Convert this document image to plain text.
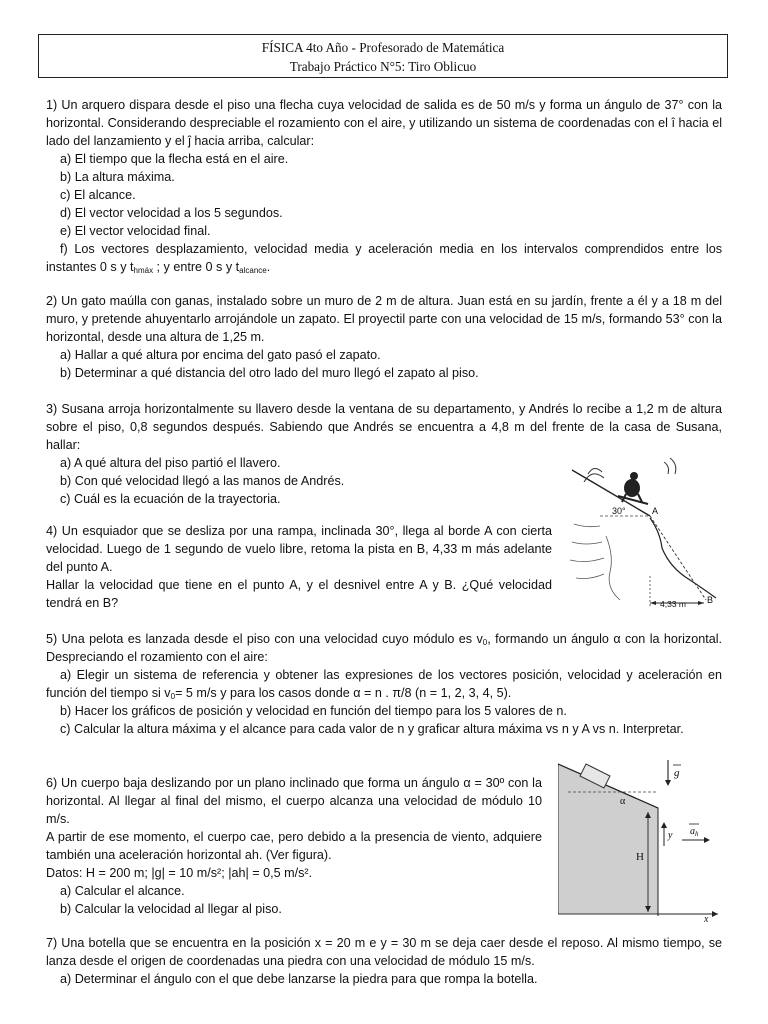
FÍSICA 4to Año - Profesorado de Matemática
Trabajo Práctico N°5: Tiro Oblicuo

1) Un arquero dispara desde el piso una flecha cuya velocidad de salida es de 50 m/s y forma un ángulo de 37° con la horizontal. Considerando despreciable el rozamiento con el aire, y utilizando un sistema de coordenadas con el î hacia el lado del lanzamiento y el ĵ hacia arriba, calcular:

a) El tiempo que la flecha está en el aire.

b) La altura máxima.

c) El alcance.

d) El vector velocidad a los 5 segundos.

e) El vector velocidad final.

f) Los vectores desplazamiento, velocidad media y aceleración media en los intervalos comprendidos entre los instantes 0 s y $t_{hmáx}$ ; y entre 0 s y $t_{alcance}$.

2) Un gato maúlla con ganas, instalado sobre un muro de 2 m de altura. Juan está en su jardín, frente a él y a 18 m del muro, y pretende ahuyentarlo arrojándole un zapato. El proyectil parte con una velocidad de 15 m/s, formando 53° con la horizontal, desde una altura de 1,25 m.

a) Hallar a qué altura por encima del gato pasó el zapato.

b) Determinar a qué distancia del otro lado del muro llegó el zapato al piso.

3) Susana arroja horizontalmente su llavero desde la ventana de su departamento, y Andrés lo recibe a 1,2 m de altura sobre el piso, 0,8 segundos después. Sabiendo que Andrés se encuentra a 4,8 m del frente de la casa de Susana, hallar:

a) A qué altura del piso partió el llavero.

b) Con qué velocidad llegó a las manos de Andrés.

c) Cuál es la ecuación de la trayectoria.

4) Un esquiador que se desliza por una rampa, inclinada 30°, llega al borde A con cierta velocidad. Luego de 1 segundo de vuelo libre, retoma la pista en B, 4,33 m más adelante del punto A.

Hallar la velocidad que tiene en el punto A, y el desnivel entre A y B. ¿Qué velocidad tendrá en B?

30°	A
4,33 m B

5) Una pelota es lanzada desde el piso con una velocidad cuyo módulo es $v_0$, formando un ángulo α con la horizontal. Despreciando el rozamiento con el aire:

a) Elegir un sistema de referencia y obtener las expresiones de los vectores posición, velocidad y aceleración en función del tiempo si $v_0= 5$ m/s y para los casos donde α = n . π/8 (n = 1, 2, 3, 4, 5).

b) Hacer los gráficos de posición y velocidad en función del tiempo para los 5 valores de n.

c) Calcular la altura máxima y el alcance para cada valor de n y graficar altura máxima vs n y A vs n. Interpretar.

6) Un cuerpo baja deslizando por un plano inclinado que forma un ángulo α = 30º con la horizontal. Al llegar al final del mismo, el cuerpo alcanza una velocidad de módulo 10 m/s.

A partir de ese momento, el cuerpo cae, pero debido a la presencia de viento, adquiere también una aceleración horizontal ah. (Ver figura).

Datos: H = 200 m; |g| = 10 m/s²; |ah| = 0,5 m/s².

a) Calcular el alcance.

b) Calcular la velocidad al llegar al piso.

α
x
y
H
g
$a_h$

7) Una botella que se encuentra en la posición x = 20 m e y = 30 m se deja caer desde el reposo. Al mismo tiempo, se lanza desde el origen de coordenadas una piedra con una velocidad de módulo 15 m/s.

a) Determinar el ángulo con el que debe lanzarse la piedra para que rompa la botella.
